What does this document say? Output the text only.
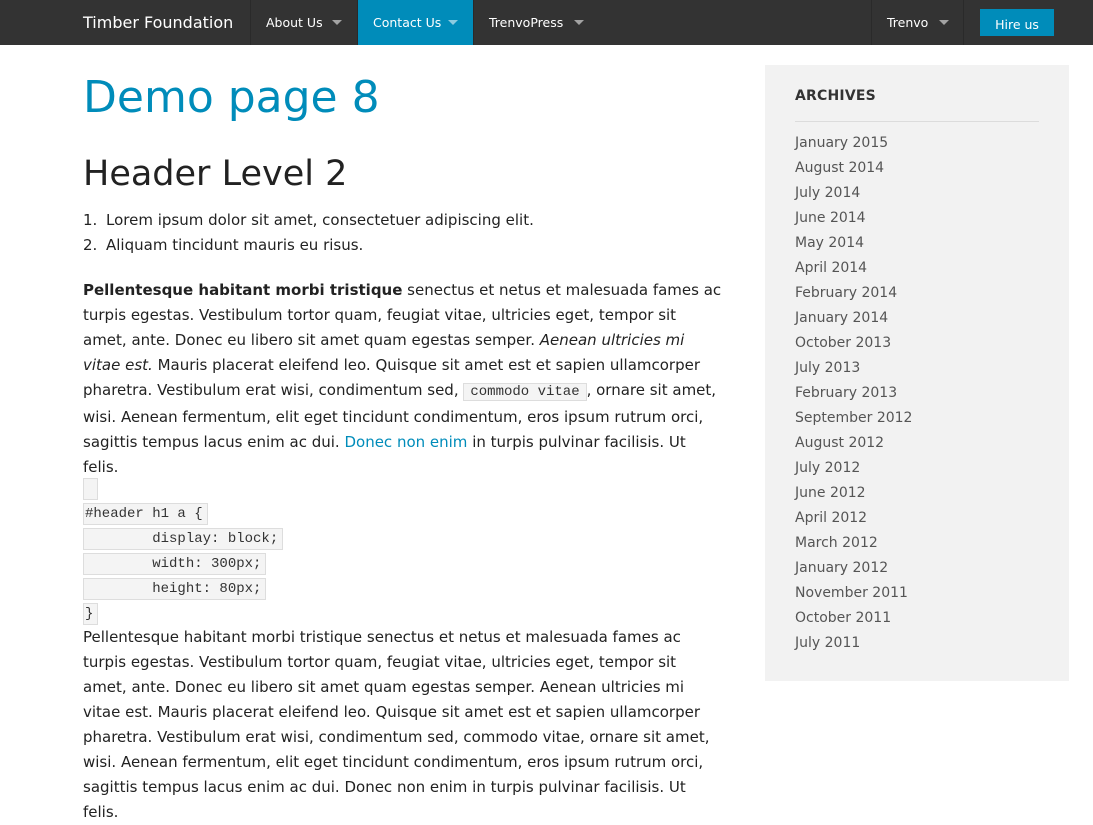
Timber Foundation	About Us	Contact Us	TrenvoPress	Trenvo	Hire us
Demo page 8
Header Level 2
1. Lorem ipsum dolor sit amet, consectetuer adipiscing elit.
2. Aliquam tincidunt mauris eu risus.

Pellentesque habitant morbi tristique senectus et netus et malesuada fames ac turpis egestas. Vestibulum tortor quam, feugiat vitae, ultricies eget, tempor sit amet, ante. Donec eu libero sit amet quam egestas semper. Aenean ultricies mi vitae est. Mauris placerat eleifend leo. Quisque sit amet est et sapien ullamcorper pharetra. Vestibulum erat wisi, condimentum sed, commodo vitae , ornare sit amet, wisi. Aenean fermentum, elit eget tincidunt condimentum, eros ipsum rutrum orci, sagittis tempus lacus enim ac dui. Donec non enim in turpis pulvinar facilisis. Ut felis.

#header h1 a {
	display: block;
	width: 300px;
	height: 80px;
}

Pellentesque habitant morbi tristique senectus et netus et malesuada fames ac turpis egestas. Vestibulum tortor quam, feugiat vitae, ultricies eget, tempor sit amet, ante. Donec eu libero sit amet quam egestas semper. Aenean ultricies mi vitae est. Mauris placerat eleifend leo. Quisque sit amet est et sapien ullamcorper pharetra. Vestibulum erat wisi, condimentum sed, commodo vitae, ornare sit amet, wisi. Aenean fermentum, elit eget tincidunt condimentum, eros ipsum rutrum orci, sagittis tempus lacus enim ac dui. Donec non enim in turpis pulvinar facilisis. Ut felis.

ARCHIVES
January 2015
August 2014
July 2014
June 2014
May 2014
April 2014
February 2014
January 2014
October 2013
July 2013
February 2013
September 2012
August 2012
July 2012
June 2012
April 2012
March 2012
January 2012
November 2011
October 2011
July 2011
